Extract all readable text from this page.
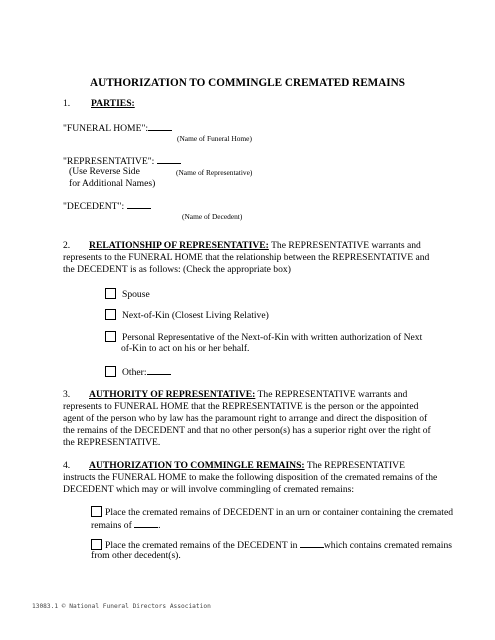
AUTHORIZATION TO COMMINGLE CREMATED REMAINS
1. PARTIES:
"FUNERAL HOME":
(Name of Funeral Home)
"REPRESENTATIVE":
(Use Reverse Side	(Name of Representative)
for Additional Names)
"DECEDENT":
(Name of Decedent)
2. RELATIONSHIP OF REPRESENTATIVE: The REPRESENTATIVE warrants and
represents to the FUNERAL HOME that the relationship between the REPRESENTATIVE and
the DECEDENT is as follows: (Check the appropriate box)
Spouse
Next-of-Kin (Closest Living Relative)
Personal Representative of the Next-of-Kin with written authorization of Next
of-Kin to act on his or her behalf.
Other:
3. AUTHORITY OF REPRESENTATIVE: The REPRESENTATIVE warrants and
represents to FUNERAL HOME that the REPRESENTATIVE is the person or the appointed
agent of the person who by law has the paramount right to arrange and direct the disposition of
the remains of the DECEDENT and that no other person(s) has a superior right over the right of
the REPRESENTATIVE.
4. AUTHORIZATION TO COMMINGLE REMAINS: The REPRESENTATIVE
instructs the FUNERAL HOME to make the following disposition of the cremated remains of the
DECEDENT which may or will involve commingling of cremated remains:
Place the cremated remains of DECEDENT in an urn or container containing the cremated
remains of	.
Place the cremated remains of the DECEDENT in	which contains cremated remains
from other decedent(s).
13083.1 © National Funeral Directors Association
